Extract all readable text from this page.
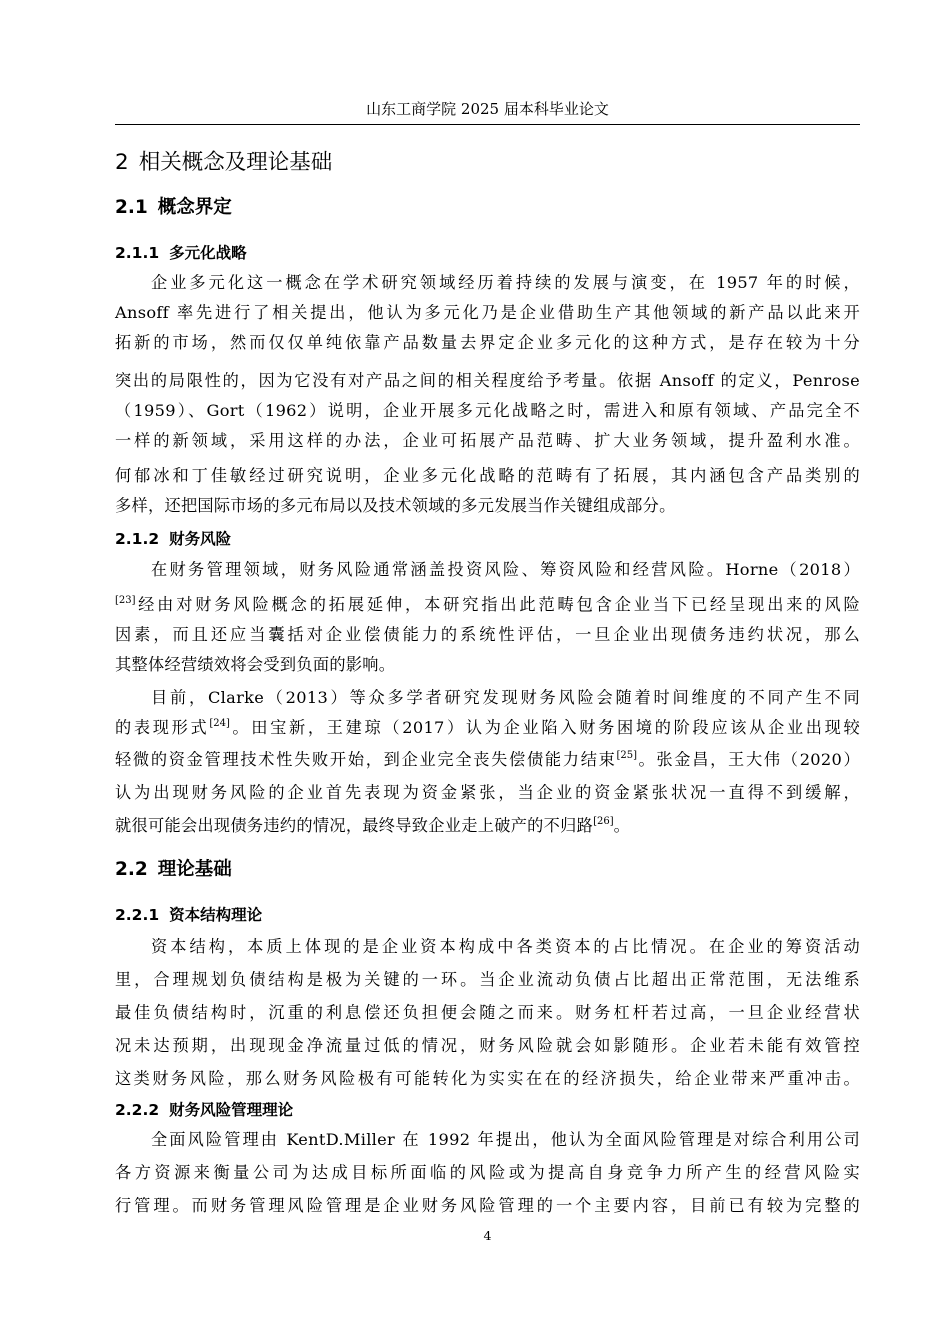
山东工商学院 2025 届本科毕业论文
2 相关概念及理论基础
2.1 概念界定
2.1.1 多元化战略
企业多元化这一概念在学术研究领域经历着持续的发展与演变，在 1957 年的时候，
Ansoff 率先进行了相关提出，他认为多元化乃是企业借助生产其他领域的新产品以此来开
拓新的市场，然而仅仅单纯依靠产品数量去界定企业多元化的这种方式，是存在较为十分
突出的局限性的，因为它没有对产品之间的相关程度给予考量。依据 Ansoff 的定义，Penrose
（1959）、Gort（1962）说明，企业开展多元化战略之时，需进入和原有领域、产品完全不
一样的新领域，采用这样的办法，企业可拓展产品范畴、扩大业务领域，提升盈利水准。
何郁冰和丁佳敏经过研究说明，企业多元化战略的范畴有了拓展，其内涵包含产品类别的
多样，还把国际市场的多元布局以及技术领域的多元发展当作关键组成部分。
2.1.2 财务风险
在财务管理领域，财务风险通常涵盖投资风险、筹资风险和经营风险。Horne（2018）
[23]经由对财务风险概念的拓展延伸，本研究指出此范畴包含企业当下已经呈现出来的风险
因素，而且还应当囊括对企业偿债能力的系统性评估，一旦企业出现债务违约状况，那么
其整体经营绩效将会受到负面的影响。
目前，Clarke（2013）等众多学者研究发现财务风险会随着时间维度的不同产生不同
的表现形式[24]。田宝新，王建琼（2017）认为企业陷入财务困境的阶段应该从企业出现较
轻微的资金管理技术性失败开始，到企业完全丧失偿债能力结束[25]。张金昌，王大伟（2020）
认为出现财务风险的企业首先表现为资金紧张，当企业的资金紧张状况一直得不到缓解，
就很可能会出现债务违约的情况，最终导致企业走上破产的不归路[26]。
2.2 理论基础
2.2.1 资本结构理论
资本结构，本质上体现的是企业资本构成中各类资本的占比情况。在企业的筹资活动
里，合理规划负债结构是极为关键的一环。当企业流动负债占比超出正常范围，无法维系
最佳负债结构时，沉重的利息偿还负担便会随之而来。财务杠杆若过高，一旦企业经营状
况未达预期，出现现金净流量过低的情况，财务风险就会如影随形。企业若未能有效管控
这类财务风险，那么财务风险极有可能转化为实实在在的经济损失，给企业带来严重冲击。
2.2.2 财务风险管理理论
全面风险管理由 KentD.Miller 在 1992 年提出，他认为全面风险管理是对综合利用公司
各方资源来衡量公司为达成目标所面临的风险或为提高自身竞争力所产生的经营风险实
行管理。而财务管理风险管理是企业财务风险管理的一个主要内容，目前已有较为完整的
4
